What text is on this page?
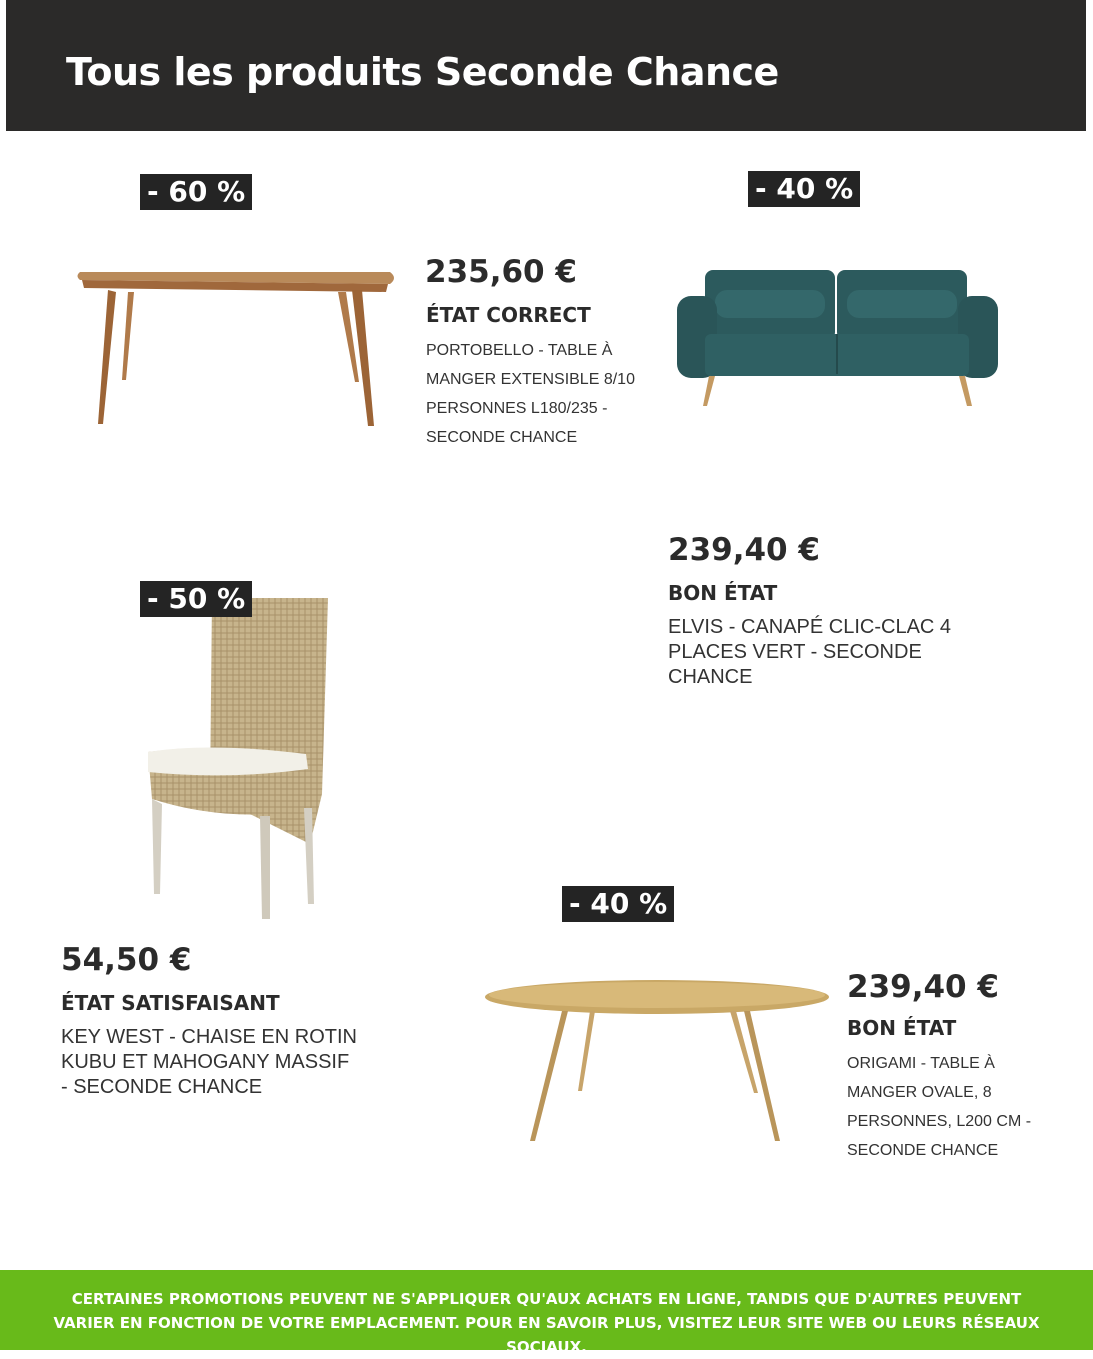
Tous les produits Seconde Chance
- 60 %
235,60 €
ÉTAT CORRECT
PORTOBELLO - TABLE À MANGER EXTENSIBLE 8/10 PERSONNES L180/235 - SECONDE CHANCE
- 40 %
239,40 €
BON ÉTAT
ELVIS - CANAPÉ CLIC-CLAC 4 PLACES VERT - SECONDE CHANCE
- 50 %
54,50 €
ÉTAT SATISFAISANT
KEY WEST - CHAISE EN ROTIN KUBU ET MAHOGANY MASSIF - SECONDE CHANCE
- 40 %
239,40 €
BON ÉTAT
ORIGAMI - TABLE À MANGER OVALE, 8 PERSONNES, L200 CM - SECONDE CHANCE

CERTAINES PROMOTIONS PEUVENT NE S'APPLIQUER QU'AUX ACHATS EN LIGNE, TANDIS QUE D'AUTRES PEUVENT VARIER EN FONCTION DE VOTRE EMPLACEMENT. POUR EN SAVOIR PLUS, VISITEZ LEUR SITE WEB OU LEURS RÉSEAUX SOCIAUX.
